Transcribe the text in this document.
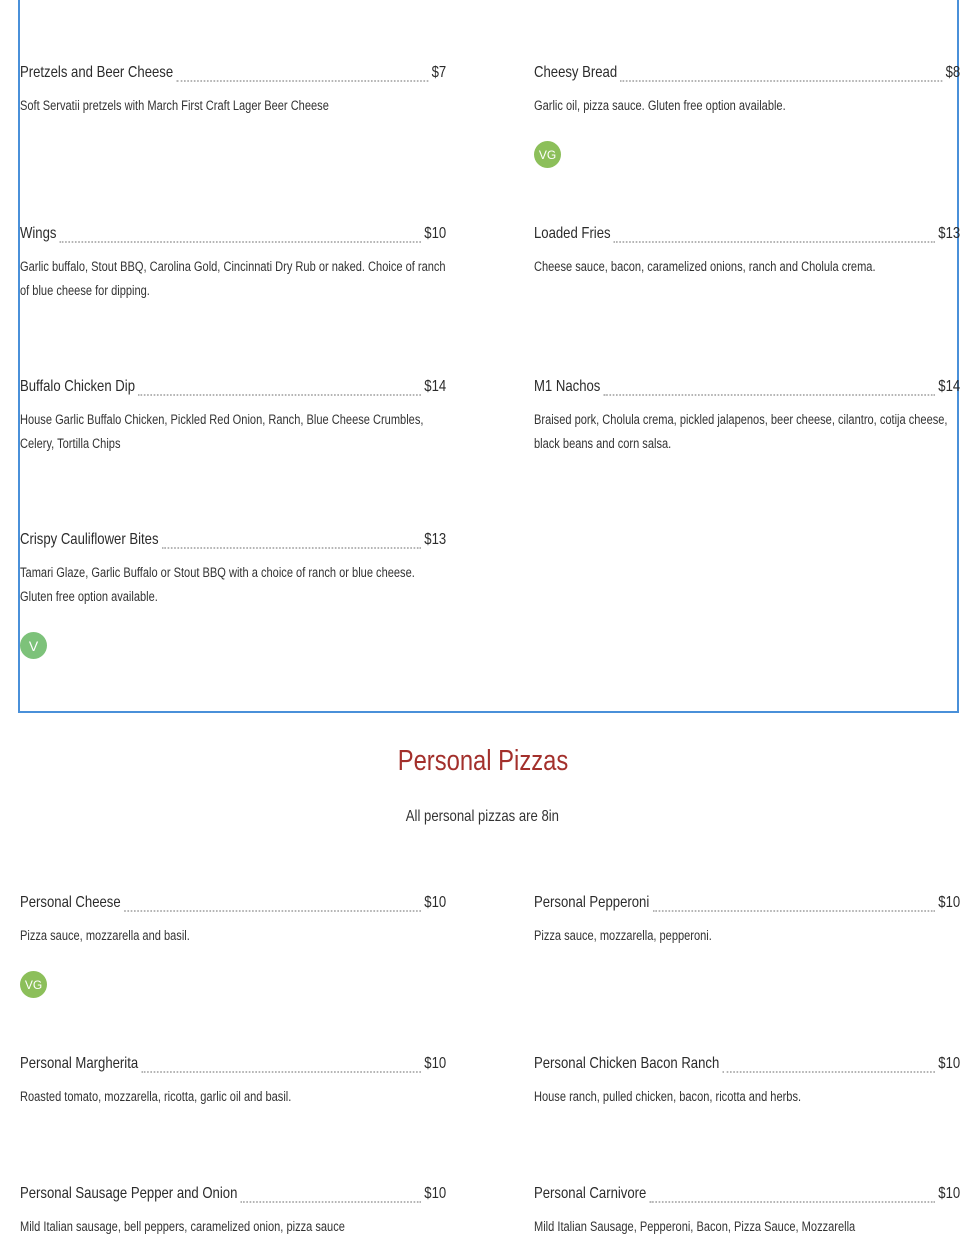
Pretzels and Beer Cheese	$7
Soft Servatii pretzels with March First Craft Lager Beer Cheese
Cheesy Bread	$8
Garlic oil, pizza sauce. Gluten free option available.
VG
Wings	$10
Garlic buffalo, Stout BBQ, Carolina Gold, Cincinnati Dry Rub or naked. Choice of ranch of blue cheese for dipping.
Loaded Fries	$13
Cheese sauce, bacon, caramelized onions, ranch and Cholula crema.
Buffalo Chicken Dip	$14
House Garlic Buffalo Chicken, Pickled Red Onion, Ranch, Blue Cheese Crumbles, Celery, Tortilla Chips
M1 Nachos	$14
Braised pork, Cholula crema, pickled jalapenos, beer cheese, cilantro, cotija cheese, black beans and corn salsa.
Crispy Cauliflower Bites	$13
Tamari Glaze, Garlic Buffalo or Stout BBQ with a choice of ranch or blue cheese. Gluten free option available.
V
Personal Pizzas
All personal pizzas are 8in
Personal Cheese	$10
Pizza sauce, mozzarella and basil.
VG
Personal Pepperoni	$10
Pizza sauce, mozzarella, pepperoni.
Personal Margherita	$10
Roasted tomato, mozzarella, ricotta, garlic oil and basil.
Personal Chicken Bacon Ranch	$10
House ranch, pulled chicken, bacon, ricotta and herbs.
Personal Sausage Pepper and Onion	$10
Mild Italian sausage, bell peppers, caramelized onion, pizza sauce
Personal Carnivore	$10
Mild Italian Sausage, Pepperoni, Bacon, Pizza Sauce, Mozzarella
